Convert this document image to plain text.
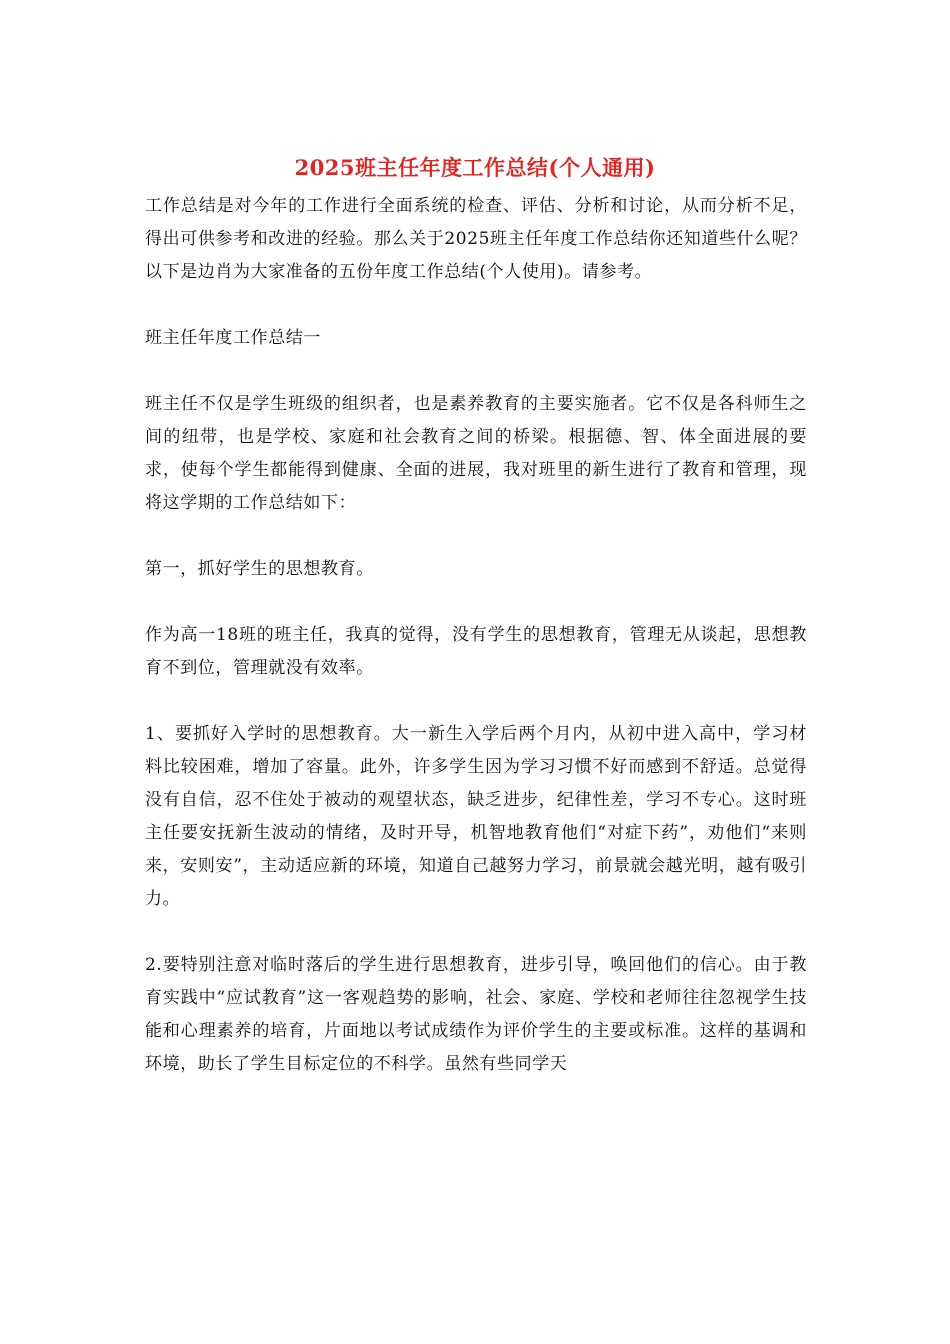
2025班主任年度工作总结(个人通用)

工作总结是对今年的工作进行全面系统的检查、评估、分析和讨论，从而分析不足，得出可供参考和改进的经验。那么关于2025班主任年度工作总结你还知道些什么呢？以下是边肖为大家准备的五份年度工作总结(个人使用)。请参考。

班主任年度工作总结一

班主任不仅是学生班级的组织者，也是素养教育的主要实施者。它不仅是各科师生之间的纽带，也是学校、家庭和社会教育之间的桥梁。根据德、智、体全面进展的要求，使每个学生都能得到健康、全面的进展，我对班里的新生进行了教育和管理，现将这学期的工作总结如下：

第一，抓好学生的思想教育。

作为高一18班的班主任，我真的觉得，没有学生的思想教育，管理无从谈起，思想教育不到位，管理就没有效率。

1、要抓好入学时的思想教育。大一新生入学后两个月内，从初中进入高中，学习材料比较困难，增加了容量。此外，许多学生因为学习习惯不好而感到不舒适。总觉得没有自信，忍不住处于被动的观望状态，缺乏进步，纪律性差，学习不专心。这时班主任要安抚新生波动的情绪，及时开导，机智地教育他们“对症下药”，劝他们“来则来，安则安”，主动适应新的环境，知道自己越努力学习，前景就会越光明，越有吸引力。

2.要特别注意对临时落后的学生进行思想教育，进步引导，唤回他们的信心。由于教育实践中“应试教育”这一客观趋势的影响，社会、家庭、学校和老师往往忽视学生技能和心理素养的培育，片面地以考试成绩作为评价学生的主要或标准。这样的基调和环境，助长了学生目标定位的不科学。虽然有些同学天
